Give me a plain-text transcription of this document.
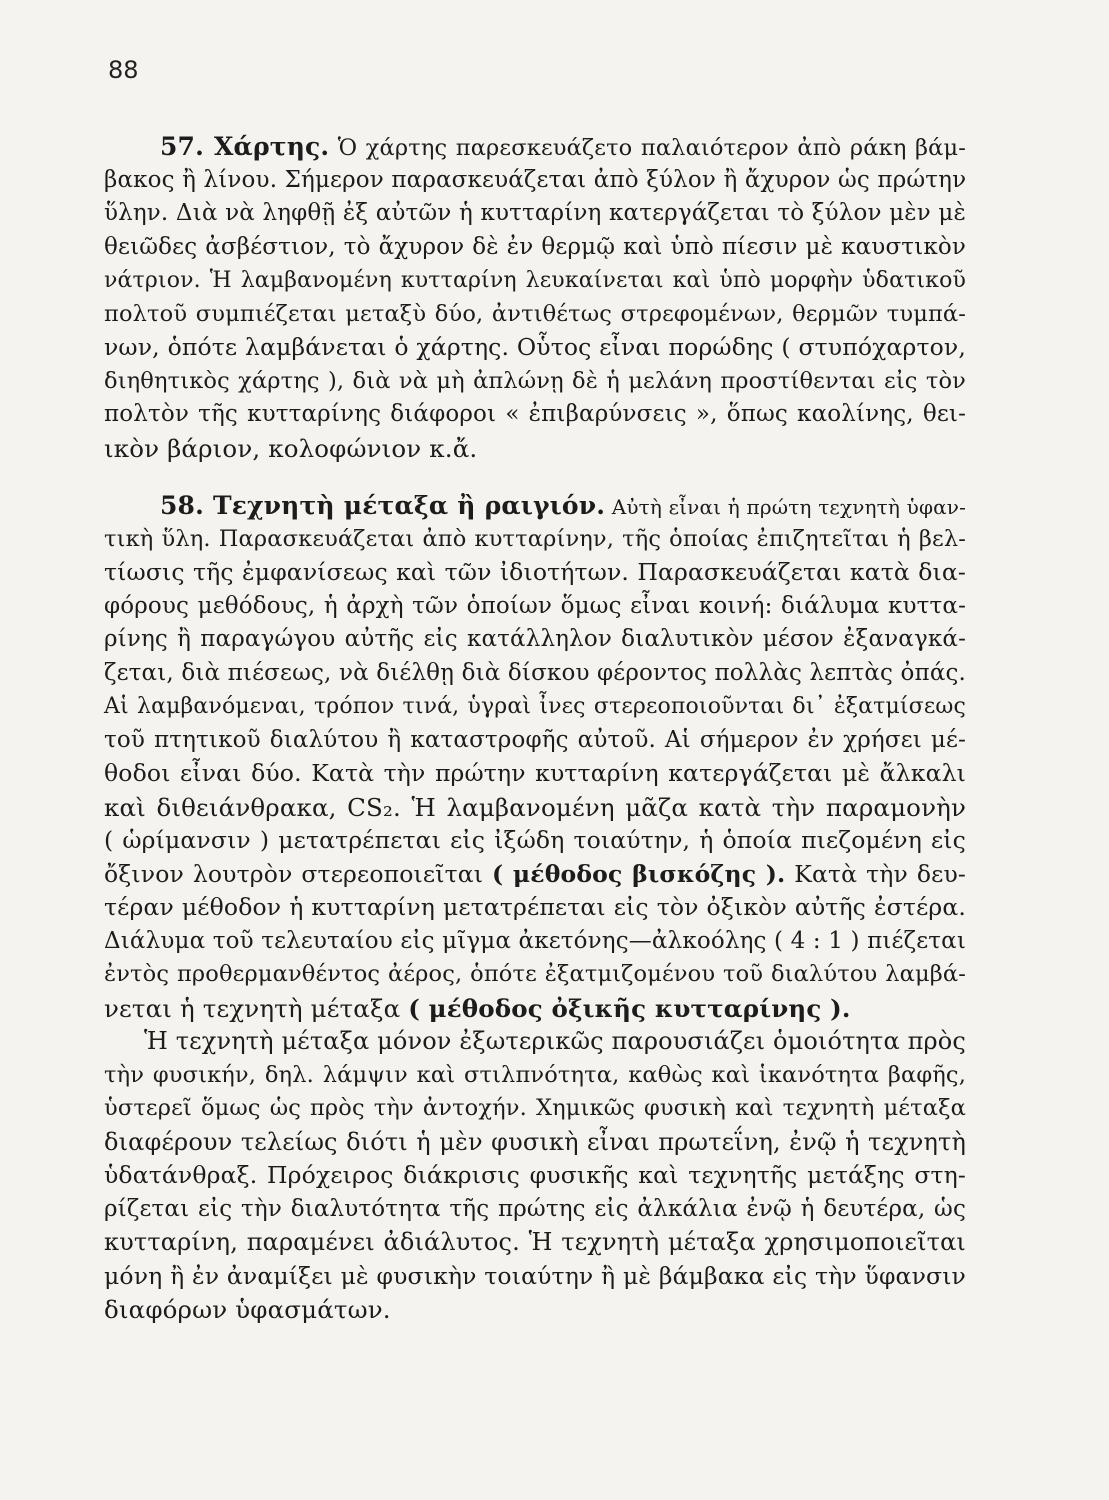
88
57. Χάρτης. Ὁ χάρτης παρεσκευάζετο παλαιότερον ἀπὸ ράκη βάμ-
βακος ἢ λίνου. Σήμερον παρασκευάζεται ἀπὸ ξύλον ἢ ἄχυρον ὡς πρώτην
ὕλην. Διὰ νὰ ληφθῇ ἐξ αὐτῶν ἡ κυτταρίνη κατεργάζεται τὸ ξύλον μὲν μὲ
θειῶδες ἀσβέστιον, τὸ ἄχυρον δὲ ἐν θερμῷ καὶ ὑπὸ πίεσιν μὲ καυστικὸν
νάτριον. Ἡ λαμβανομένη κυτταρίνη λευκαίνεται καὶ ὑπὸ μορφὴν ὑδατικοῦ
πολτοῦ συμπιέζεται μεταξὺ δύο, ἀντιθέτως στρεφομένων, θερμῶν τυμπά-
νων, ὁπότε λαμβάνεται ὁ χάρτης. Οὗτος εἶναι πορώδης ( στυπόχαρτον,
διηθητικὸς χάρτης ), διὰ νὰ μὴ ἀπλώνῃ δὲ ἡ μελάνη προστίθενται εἰς τὸν
πολτὸν τῆς κυτταρίνης διάφοροι « ἐπιβαρύνσεις », ὅπως καολίνης, θει-
ικὸν βάριον, κολοφώνιον κ.ἄ.
58. Τεχνητὴ μέταξα ἢ ραιγιόν. Αὐτὴ εἶναι ἡ πρώτη τεχνητὴ ὑφαν-
τικὴ ὕλη. Παρασκευάζεται ἀπὸ κυτταρίνην, τῆς ὁποίας ἐπιζητεῖται ἡ βελ-
τίωσις τῆς ἐμφανίσεως καὶ τῶν ἰδιοτήτων. Παρασκευάζεται κατὰ δια-
φόρους μεθόδους, ἡ ἀρχὴ τῶν ὁποίων ὅμως εἶναι κοινή: διάλυμα κυττα-
ρίνης ἢ παραγώγου αὐτῆς εἰς κατάλληλον διαλυτικὸν μέσον ἐξαναγκά-
ζεται, διὰ πιέσεως, νὰ διέλθῃ διὰ δίσκου φέροντος πολλὰς λεπτὰς ὀπάς.
Αἱ λαμβανόμεναι, τρόπον τινά, ὑγραὶ ἶνες στερεοποιοῦνται δι᾽ ἐξατμίσεως
τοῦ πτητικοῦ διαλύτου ἢ καταστροφῆς αὐτοῦ. Αἱ σήμερον ἐν χρήσει μέ-
θοδοι εἶναι δύο. Κατὰ τὴν πρώτην κυτταρίνη κατεργάζεται μὲ ἄλκαλι
καὶ διθειάνθρακα, CS₂. Ἡ λαμβανομένη μᾶζα κατὰ τὴν παραμονὴν
( ὡρίμανσιν ) μετατρέπεται εἰς ἰξώδη τοιαύτην, ἡ ὁποία πιεζομένη εἰς
ὄξινον λουτρὸν στερεοποιεῖται ( μέθοδος βισκόζης ). Κατὰ τὴν δευ-
τέραν μέθοδον ἡ κυτταρίνη μετατρέπεται εἰς τὸν ὀξικὸν αὐτῆς ἐστέρα.
Διάλυμα τοῦ τελευταίου εἰς μῖγμα ἀκετόνης—ἀλκοόλης ( 4 : 1 ) πιέζεται
ἐντὸς προθερμανθέντος ἀέρος, ὁπότε ἐξατμιζομένου τοῦ διαλύτου λαμβά-
νεται ἡ τεχνητὴ μέταξα ( μέθοδος ὀξικῆς κυτταρίνης ).
Ἡ τεχνητὴ μέταξα μόνον ἐξωτερικῶς παρουσιάζει ὁμοιότητα πρὸς
τὴν φυσικήν, δηλ. λάμψιν καὶ στιλπνότητα, καθὼς καὶ ἱκανότητα βαφῆς,
ὑστερεῖ ὅμως ὡς πρὸς τὴν ἀντοχήν. Χημικῶς φυσικὴ καὶ τεχνητὴ μέταξα
διαφέρουν τελείως διότι ἡ μὲν φυσικὴ εἶναι πρωτεΐνη, ἐνῷ ἡ τεχνητὴ
ὑδατάνθραξ. Πρόχειρος διάκρισις φυσικῆς καὶ τεχνητῆς μετάξης στη-
ρίζεται εἰς τὴν διαλυτότητα τῆς πρώτης εἰς ἀλκάλια ἐνῷ ἡ δευτέρα, ὡς
κυτταρίνη, παραμένει ἀδιάλυτος. Ἡ τεχνητὴ μέταξα χρησιμοποιεῖται
μόνη ἢ ἐν ἀναμίξει μὲ φυσικὴν τοιαύτην ἢ μὲ βάμβακα εἰς τὴν ὕφανσιν
διαφόρων ὑφασμάτων.
